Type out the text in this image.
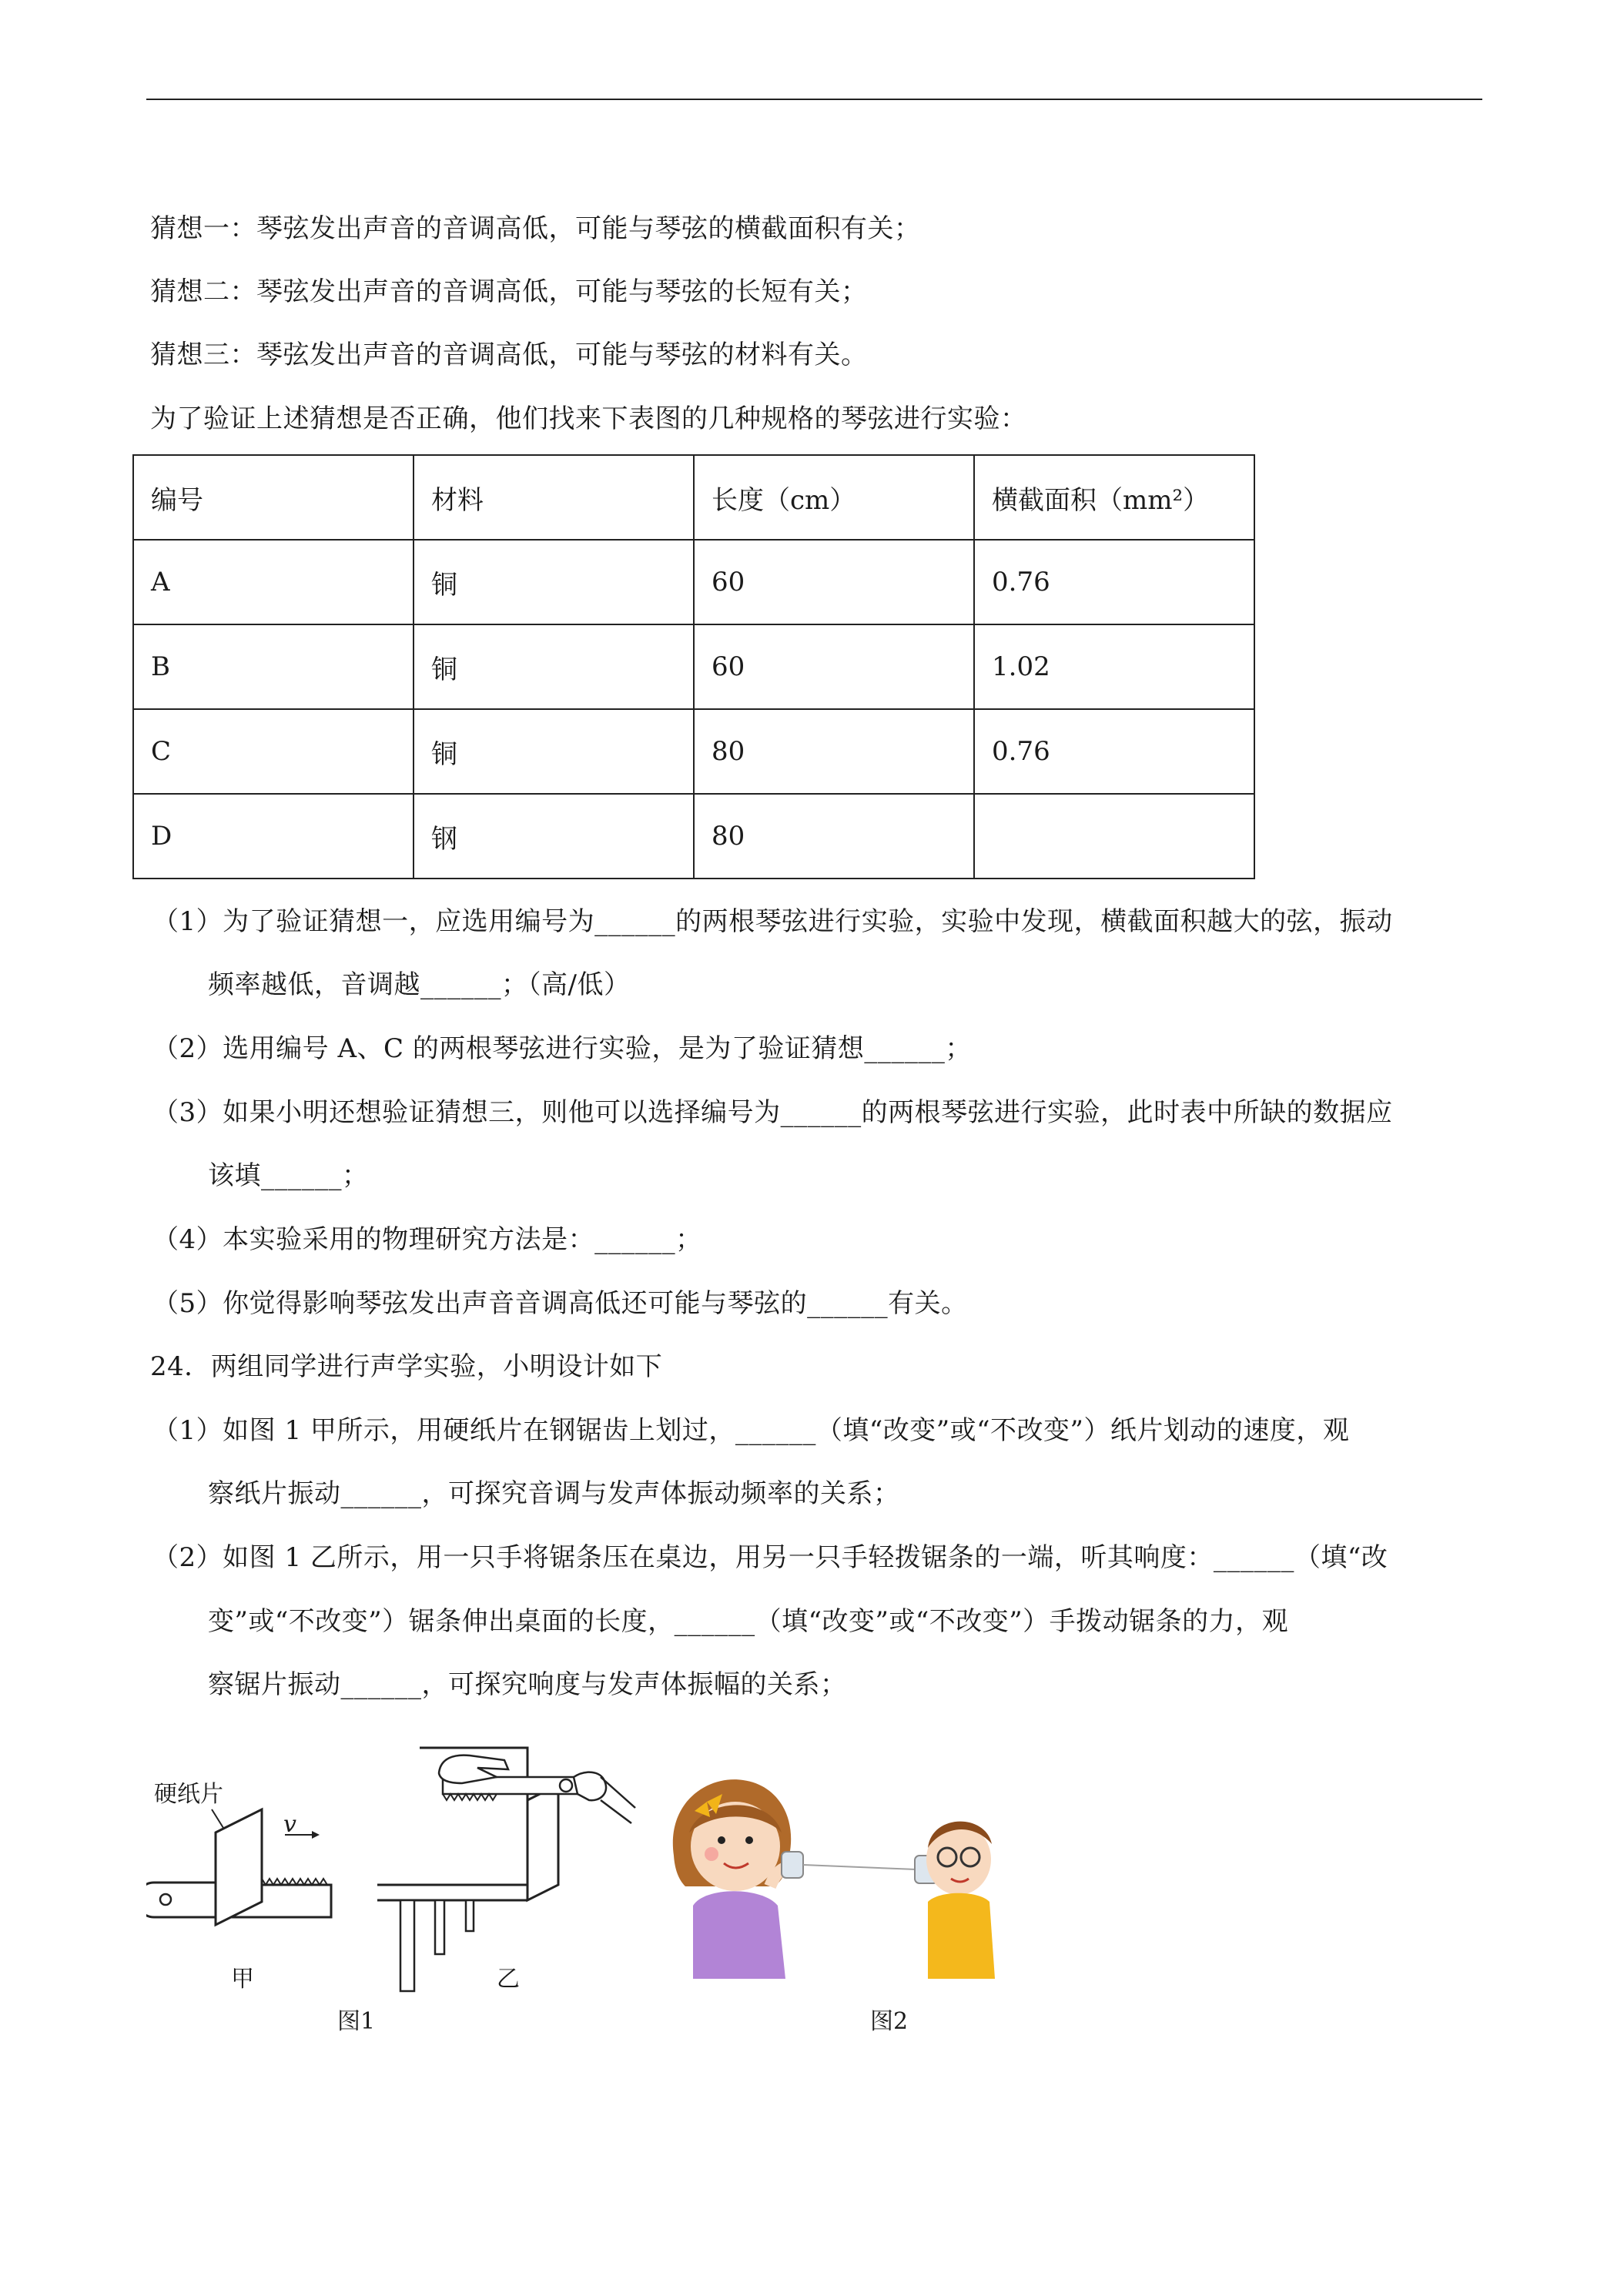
猜想一：琴弦发出声音的音调高低，可能与琴弦的横截面积有关；
猜想二：琴弦发出声音的音调高低，可能与琴弦的长短有关；
猜想三：琴弦发出声音的音调高低，可能与琴弦的材料有关。
为了验证上述猜想是否正确，他们找来下表图的几种规格的琴弦进行实验：
编号	材料	长度（cm）	横截面积（mm²）
A	铜	60	0.76
B	铜	60	1.02
C	铜	80	0.76
D	钢	80	
（1）为了验证猜想一，应选用编号为______的两根琴弦进行实验，实验中发现，横截面积越大的弦，振动
频率越低，音调越______；（高/低）
（2）选用编号 A、C 的两根琴弦进行实验，是为了验证猜想______；
（3）如果小明还想验证猜想三，则他可以选择编号为______的两根琴弦进行实验，此时表中所缺的数据应
该填______；
（4）本实验采用的物理研究方法是：______；
（5）你觉得影响琴弦发出声音音调高低还可能与琴弦的______有关。
24．两组同学进行声学实验，小明设计如下
（1）如图 1 甲所示，用硬纸片在钢锯齿上划过，______（填“改变”或“不改变”）纸片划动的速度，观
察纸片振动______，可探究音调与发声体振动频率的关系；
（2）如图 1 乙所示，用一只手将锯条压在桌边，用另一只手轻拨锯条的一端，听其响度：______（填“改
变”或“不改变”）锯条伸出桌面的长度，______（填“改变”或“不改变”）手拨动锯条的力，观
察锯片振动______，可探究响度与发声体振幅的关系；
硬纸片
v
甲	乙
图1	图2
